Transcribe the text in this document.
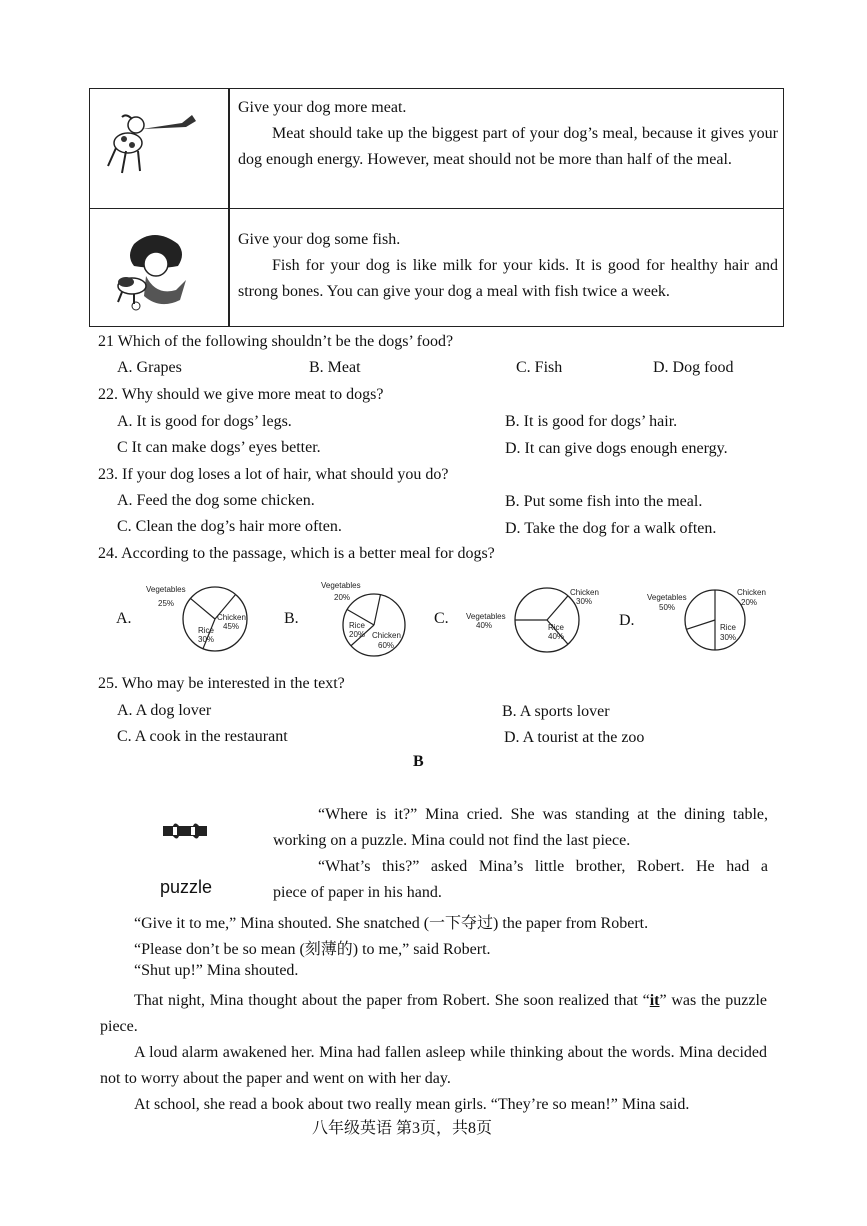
Give your dog more meat.
Meat should take up the biggest part of your dog’s meal, because it gives your dog enough energy. However, meat should not be more than half of the meal.
Give your dog some fish.
Fish for your dog is like milk for your kids. It is good for healthy hair and strong bones. You can give your dog a meal with fish twice a week.
21 Which of the following shouldn’t be the dogs’ food?
A. Grapes	B. Meat	C. Fish	D. Dog food
22. Why should we give more meat to dogs?
A. It is good for dogs’ legs.	B. It is good for dogs’ hair.
C It can make dogs’ eyes better.	D. It can give dogs enough energy.
23. If your dog loses a lot of hair, what should you do?
A. Feed the dog some chicken.	B. Put some fish into the meal.
C. Clean the dog’s hair more often.	D. Take the dog for a walk often.
24. According to the passage, which is a better meal for dogs?
A.	B.	C.	D.
Vegetables
25%
Chicken
45%
Rice
30%
Vegetables
20%
Rice
20% Chicken
60%
Vegetables
40%
Chicken
30%
Rice
40%
Vegetables
50%
Chicken
20%
Rice
30%
25. Who may be interested in the text?
A. A dog lover	B. A sports lover
C. A cook in the restaurant	D. A tourist at the zoo
B
puzzle
“Where is it?” Mina cried. She was standing at the dining table,
working on a puzzle. Mina could not find the last piece.
“What’s this?” asked Mina’s little brother, Robert. He had a
piece of paper in his hand.
“Give it to me,” Mina shouted. She snatched (一下夺过) the paper from Robert.
“Please don’t be so mean (刻薄的) to me,” said Robert.
“Shut up!” Mina shouted.
That night, Mina thought about the paper from Robert. She soon realized that “it” was the puzzle piece.
A loud alarm awakened her. Mina had fallen asleep while thinking about the words. Mina decided not to worry about the paper and went on with her day.
At school, she read a book about two really mean girls. “They’re so mean!” Mina said.
八年级英语 第3页，共8页
